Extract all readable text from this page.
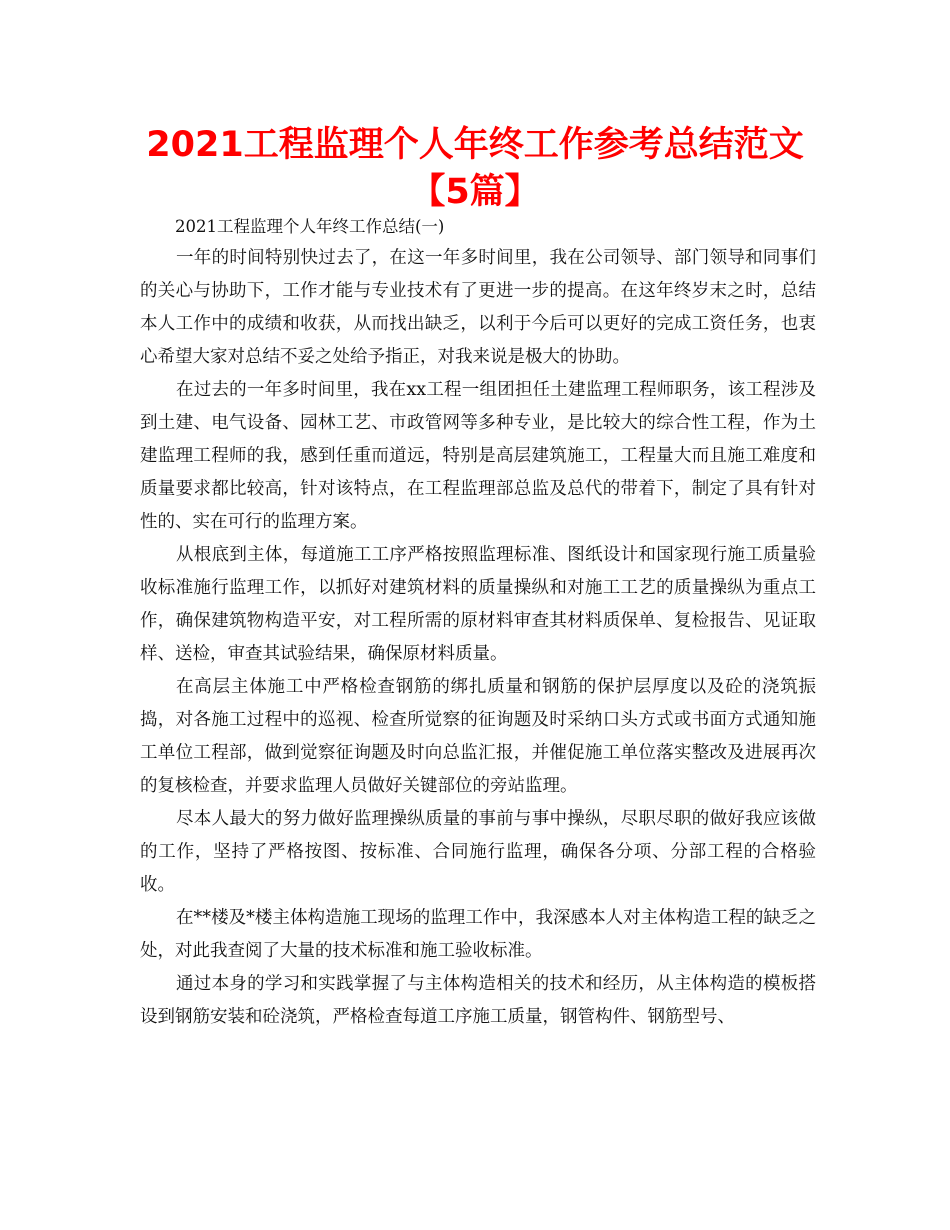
2021工程监理个人年终工作参考总结范文【5篇】

2021工程监理个人年终工作总结(一)

一年的时间特别快过去了，在这一年多时间里，我在公司领导、部门领导和同事们的关心与协助下，工作才能与专业技术有了更进一步的提高。在这年终岁末之时，总结本人工作中的成绩和收获，从而找出缺乏，以利于今后可以更好的完成工资任务，也衷心希望大家对总结不妥之处给予指正，对我来说是极大的协助。

在过去的一年多时间里，我在xx工程一组团担任土建监理工程师职务，该工程涉及到土建、电气设备、园林工艺、市政管网等多种专业，是比较大的综合性工程，作为土建监理工程师的我，感到任重而道远，特别是高层建筑施工，工程量大而且施工难度和质量要求都比较高，针对该特点，在工程监理部总监及总代的带着下，制定了具有针对性的、实在可行的监理方案。

从根底到主体，每道施工工序严格按照监理标准、图纸设计和国家现行施工质量验收标准施行监理工作，以抓好对建筑材料的质量操纵和对施工工艺的质量操纵为重点工作，确保建筑物构造平安，对工程所需的原材料审查其材料质保单、复检报告、见证取样、送检，审查其试验结果，确保原材料质量。

在高层主体施工中严格检查钢筋的绑扎质量和钢筋的保护层厚度以及砼的浇筑振捣，对各施工过程中的巡视、检查所觉察的征询题及时采纳口头方式或书面方式通知施工单位工程部，做到觉察征询题及时向总监汇报，并催促施工单位落实整改及进展再次的复核检查，并要求监理人员做好关键部位的旁站监理。

尽本人最大的努力做好监理操纵质量的事前与事中操纵，尽职尽职的做好我应该做的工作，坚持了严格按图、按标准、合同施行监理，确保各分项、分部工程的合格验收。

在**楼及*楼主体构造施工现场的监理工作中，我深感本人对主体构造工程的缺乏之处，对此我查阅了大量的技术标准和施工验收标准。

通过本身的学习和实践掌握了与主体构造相关的技术和经历，从主体构造的模板搭设到钢筋安装和砼浇筑，严格检查每道工序施工质量，钢管构件、钢筋型号、
